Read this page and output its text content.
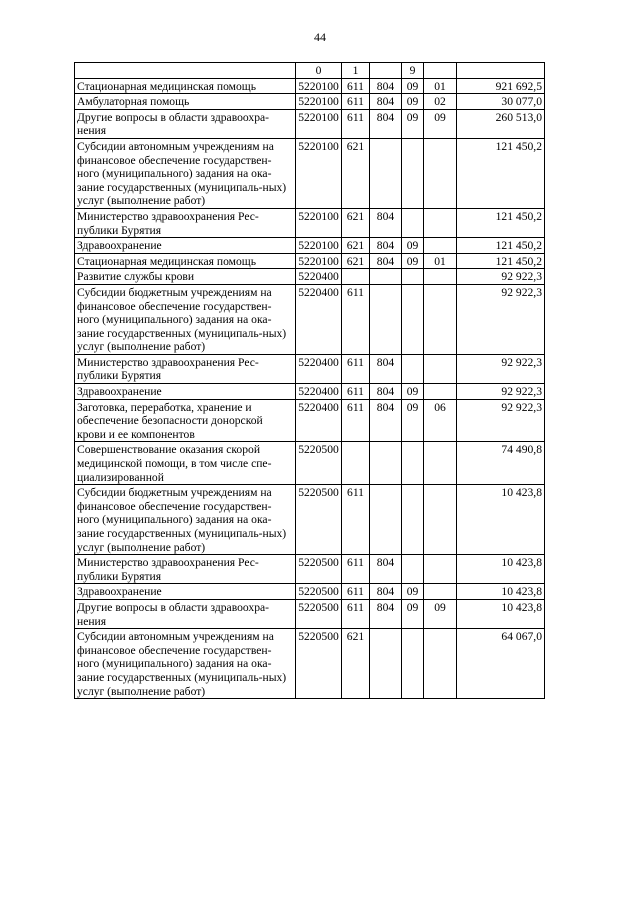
44
	0	1		9		
Стационарная медицинская помощь	5220100	611	804	09	01	921 692,5
Амбулаторная помощь	5220100	611	804	09	02	30 077,0
Другие вопросы в области здравоохра-нения	5220100	611	804	09	09	260 513,0
Субсидии автономным учреждениям на финансовое обеспечение государствен-ного (муниципального) задания на ока-зание государственных (муниципаль-ных) услуг (выполнение работ)	5220100	621				121 450,2
Министерство здравоохранения Рес-публики Бурятия	5220100	621	804			121 450,2
Здравоохранение	5220100	621	804	09		121 450,2
Стационарная медицинская помощь	5220100	621	804	09	01	121 450,2
Развитие службы крови	5220400					92 922,3
Субсидии бюджетным учреждениям на финансовое обеспечение государствен-ного (муниципального) задания на ока-зание государственных (муниципаль-ных) услуг (выполнение работ)	5220400	611				92 922,3
Министерство здравоохранения Рес-публики Бурятия	5220400	611	804			92 922,3
Здравоохранение	5220400	611	804	09		92 922,3
Заготовка, переработка, хранение и обеспечение безопасности донорской крови и ее компонентов	5220400	611	804	09	06	92 922,3
Совершенствование оказания скорой медицинской помощи, в том числе спе-циализированной	5220500					74 490,8
Субсидии бюджетным учреждениям на финансовое обеспечение государствен-ного (муниципального) задания на ока-зание государственных (муниципаль-ных) услуг (выполнение работ)	5220500	611				10 423,8
Министерство здравоохранения Рес-публики Бурятия	5220500	611	804			10 423,8
Здравоохранение	5220500	611	804	09		10 423,8
Другие вопросы в области здравоохра-нения	5220500	611	804	09	09	10 423,8
Субсидии автономным учреждениям на финансовое обеспечение государствен-ного (муниципального) задания на ока-зание государственных (муниципаль-ных) услуг (выполнение работ)	5220500	621				64 067,0
